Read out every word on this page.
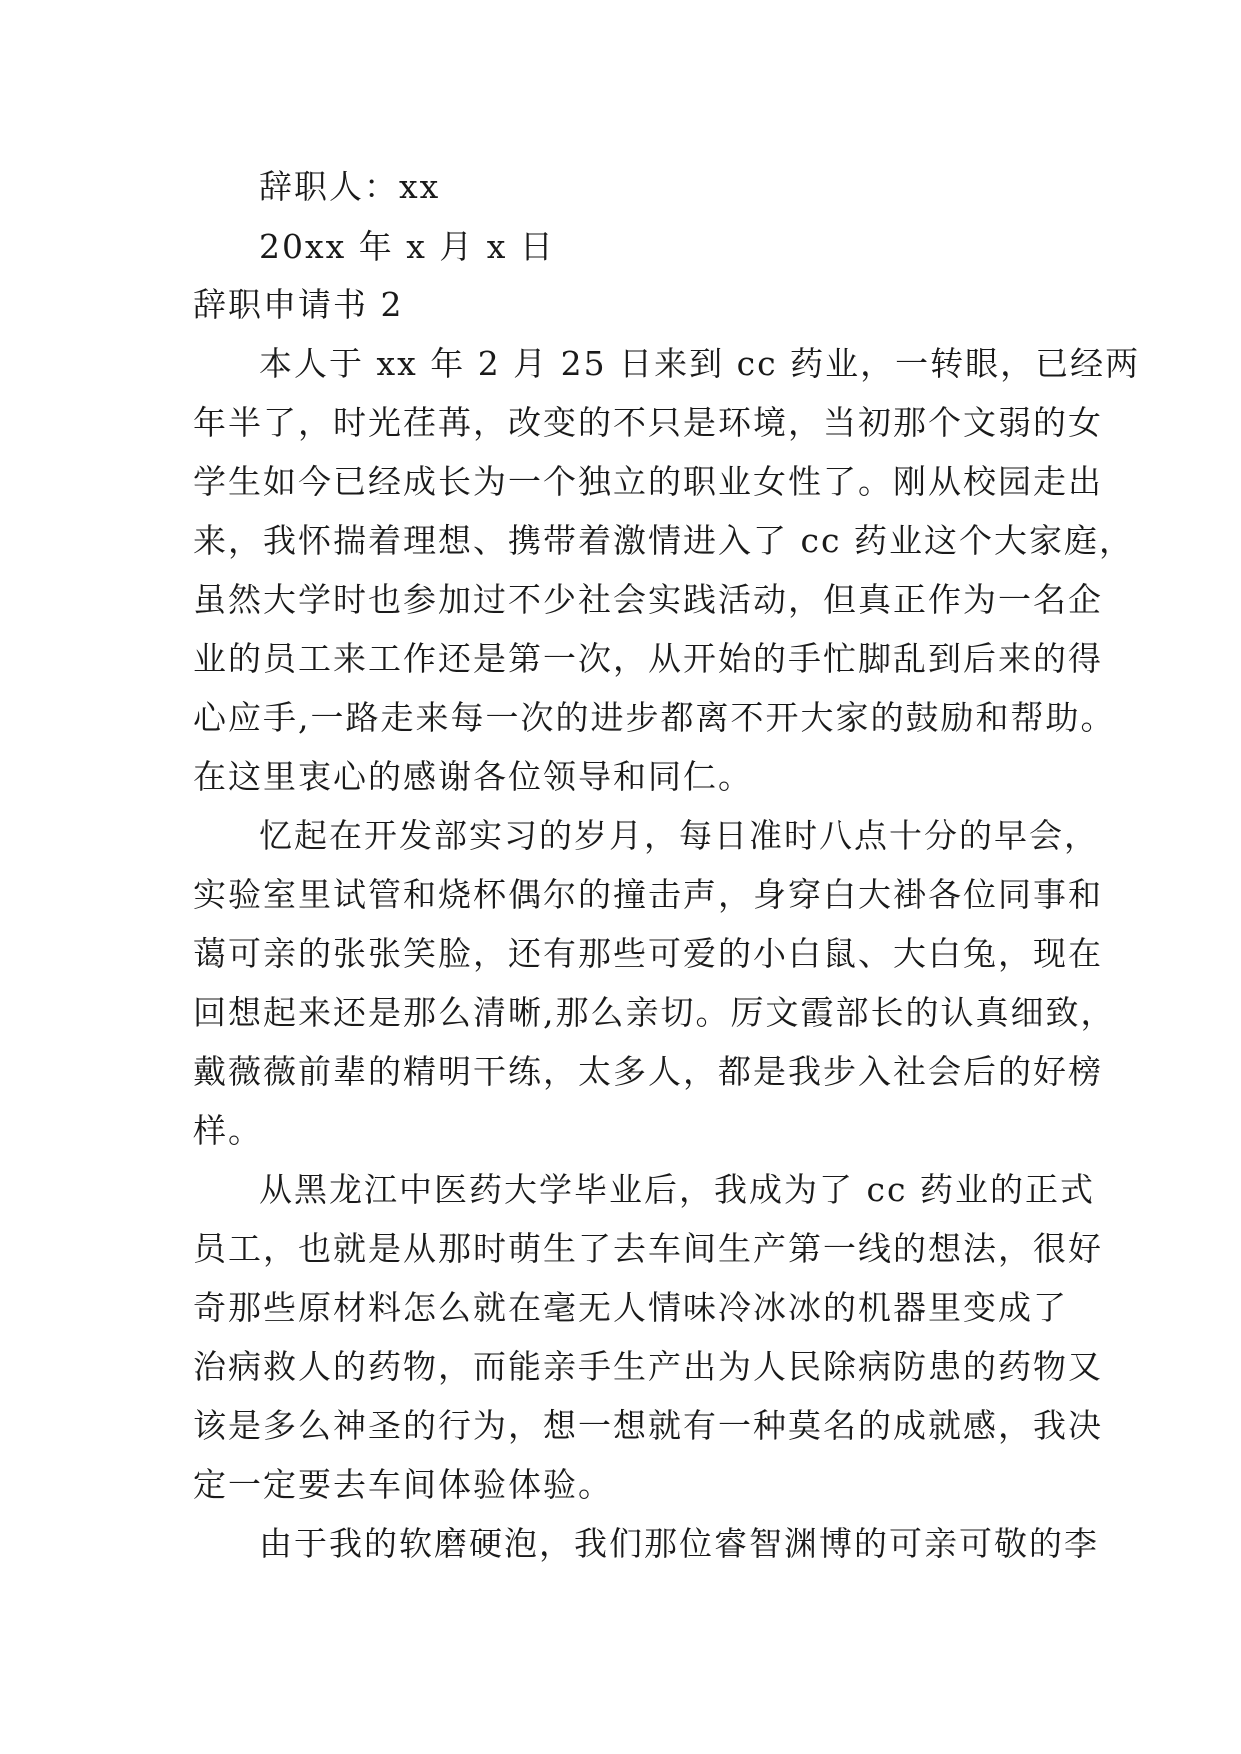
辞职人：xx
20xx 年 x 月 x 日
辞职申请书 2
本人于 xx 年 2 月 25 日来到 cc 药业，一转眼，已经两
年半了，时光荏苒，改变的不只是环境，当初那个文弱的女
学生如今已经成长为一个独立的职业女性了。刚从校园走出
来，我怀揣着理想、携带着激情进入了 cc 药业这个大家庭，
虽然大学时也参加过不少社会实践活动，但真正作为一名企
业的员工来工作还是第一次，从开始的手忙脚乱到后来的得
心应手,一路走来每一次的进步都离不开大家的鼓励和帮助。
在这里衷心的感谢各位领导和同仁。
忆起在开发部实习的岁月，每日准时八点十分的早会，
实验室里试管和烧杯偶尔的撞击声，身穿白大褂各位同事和
蔼可亲的张张笑脸，还有那些可爱的小白鼠、大白兔，现在
回想起来还是那么清晰,那么亲切。厉文霞部长的认真细致，
戴薇薇前辈的精明干练，太多人，都是我步入社会后的好榜
样。
从黑龙江中医药大学毕业后，我成为了 cc 药业的正式
员工，也就是从那时萌生了去车间生产第一线的想法，很好
奇那些原材料怎么就在毫无人情味冷冰冰的机器里变成了
治病救人的药物，而能亲手生产出为人民除病防患的药物又
该是多么神圣的行为，想一想就有一种莫名的成就感，我决
定一定要去车间体验体验。
由于我的软磨硬泡，我们那位睿智渊博的可亲可敬的李
